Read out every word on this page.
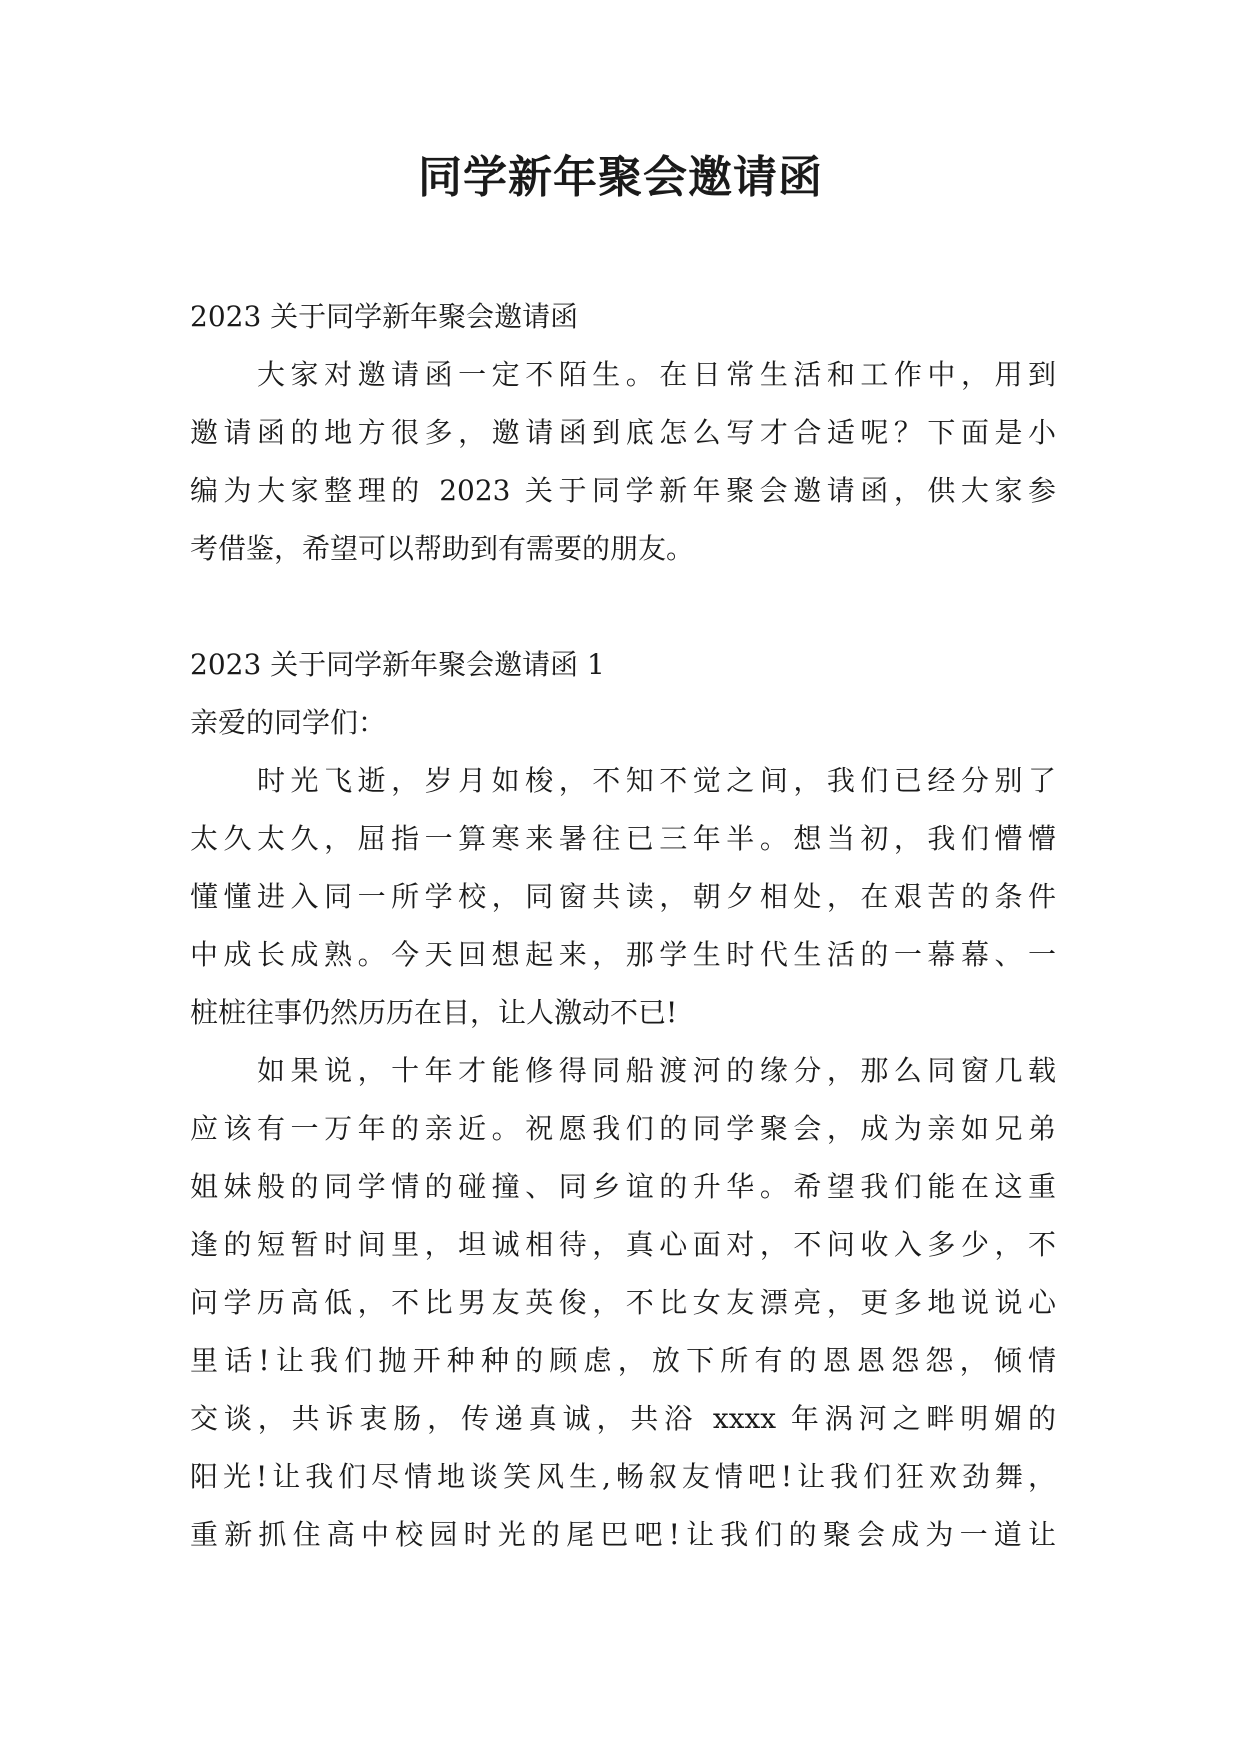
同学新年聚会邀请函
2023 关于同学新年聚会邀请函
　　大家对邀请函一定不陌生。在日常生活和工作中，用到
邀请函的地方很多，邀请函到底怎么写才合适呢？下面是小
编为大家整理的 2023 关于同学新年聚会邀请函，供大家参
考借鉴，希望可以帮助到有需要的朋友。
2023 关于同学新年聚会邀请函 1
亲爱的同学们：
　　时光飞逝，岁月如梭，不知不觉之间，我们已经分别了
太久太久，屈指一算寒来暑往已三年半。想当初，我们懵懵
懂懂进入同一所学校，同窗共读，朝夕相处，在艰苦的条件
中成长成熟。今天回想起来，那学生时代生活的一幕幕、一
桩桩往事仍然历历在目，让人激动不已!
　　如果说，十年才能修得同船渡河的缘分，那么同窗几载
应该有一万年的亲近。祝愿我们的同学聚会，成为亲如兄弟
姐妹般的同学情的碰撞、同乡谊的升华。希望我们能在这重
逢的短暂时间里，坦诚相待，真心面对，不问收入多少，不
问学历高低，不比男友英俊，不比女友漂亮，更多地说说心
里话!让我们抛开种种的顾虑，放下所有的恩恩怨怨，倾情
交谈，共诉衷肠，传递真诚，共浴 xxxx 年涡河之畔明媚的
阳光!让我们尽情地谈笑风生,畅叙友情吧!让我们狂欢劲舞，
重新抓住高中校园时光的尾巴吧!让我们的聚会成为一道让
